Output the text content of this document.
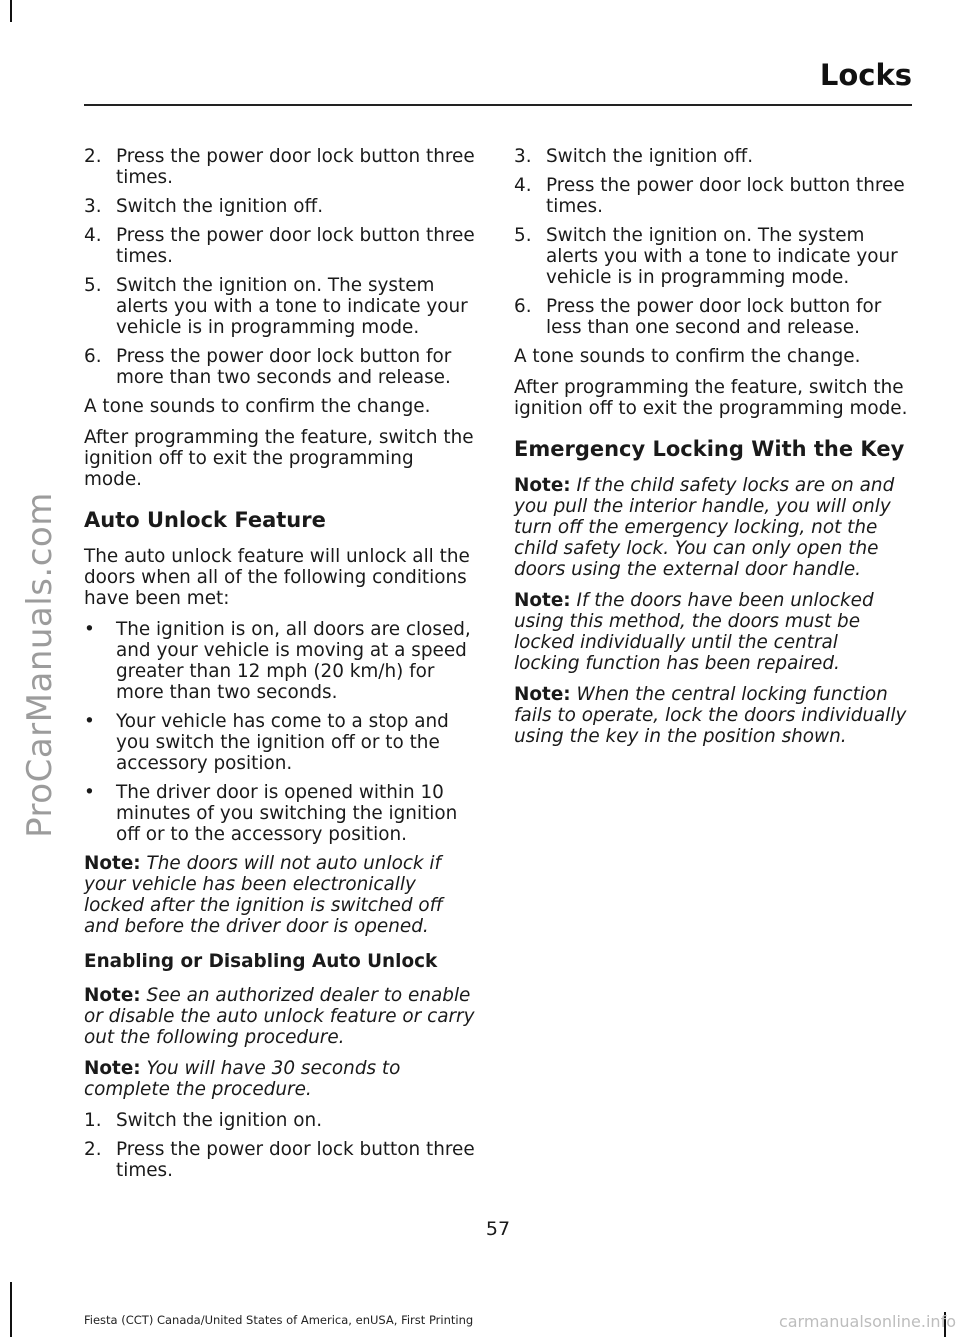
ProCarManuals.com
Locks
2. Press the power door lock button three times.
3. Switch the ignition off.
4. Press the power door lock button three times.
5. Switch the ignition on. The system alerts you with a tone to indicate your vehicle is in programming mode.
6. Press the power door lock button for more than two seconds and release.

A tone sounds to confirm the change.

After programming the feature, switch the ignition off to exit the programming mode.

Auto Unlock Feature

The auto unlock feature will unlock all the doors when all of the following conditions have been met:

• The ignition is on, all doors are closed, and your vehicle is moving at a speed greater than 12 mph (20 km/h) for more than two seconds.
• Your vehicle has come to a stop and you switch the ignition off or to the accessory position.
• The driver door is opened within 10 minutes of you switching the ignition off or to the accessory position.

Note: The doors will not auto unlock if your vehicle has been electronically locked after the ignition is switched off and before the driver door is opened.

Enabling or Disabling Auto Unlock

Note: See an authorized dealer to enable or disable the auto unlock feature or carry out the following procedure.

Note: You will have 30 seconds to complete the procedure.

1. Switch the ignition on.
2. Press the power door lock button three times.
3. Switch the ignition off.
4. Press the power door lock button three times.
5. Switch the ignition on. The system alerts you with a tone to indicate your vehicle is in programming mode.
6. Press the power door lock button for less than one second and release.

A tone sounds to confirm the change.

After programming the feature, switch the ignition off to exit the programming mode.

Emergency Locking With the Key

Note: If the child safety locks are on and you pull the interior handle, you will only turn off the emergency locking, not the child safety lock. You can only open the doors using the external door handle.

Note: If the doors have been unlocked using this method, the doors must be locked individually until the central locking function has been repaired.

Note: When the central locking function fails to operate, lock the doors individually using the key in the position shown.

57

Fiesta (CCT) Canada/United States of America, enUSA, First Printing	carmanualsonline.info
